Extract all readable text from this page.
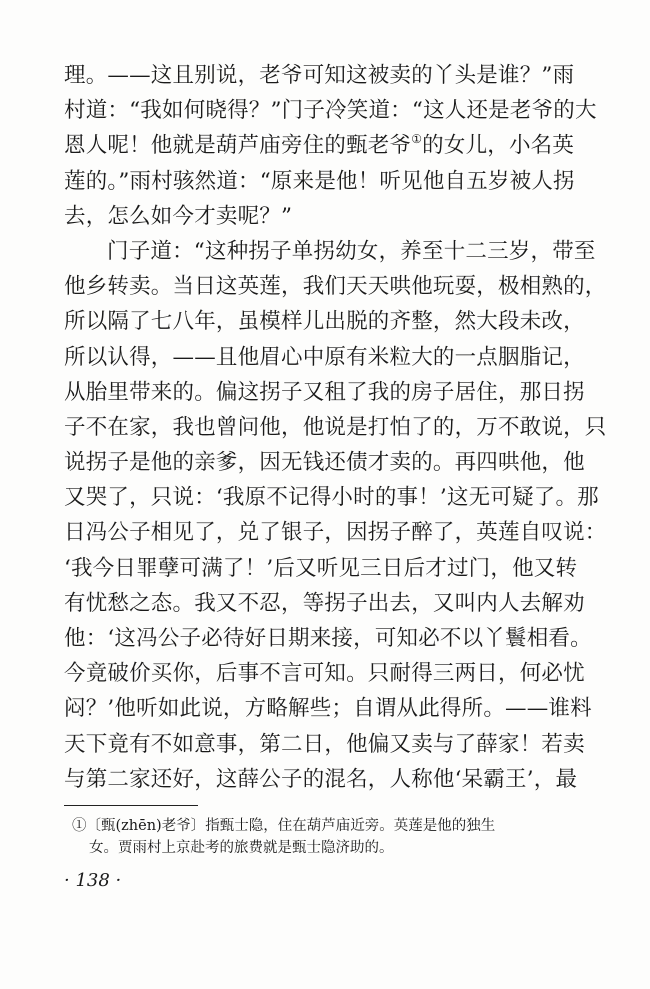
理。——这且别说，老爷可知这被卖的丫头是谁？”雨
村道：“我如何晓得？”门子冷笑道：“这人还是老爷的大
恩人呢！他就是葫芦庙旁住的甄老爷①的女儿，小名英
莲的。”雨村骇然道：“原来是他！听见他自五岁被人拐
去，怎么如今才卖呢？”
门子道：“这种拐子单拐幼女，养至十二三岁，带至
他乡转卖。当日这英莲，我们天天哄他玩耍，极相熟的，
所以隔了七八年，虽模样儿出脱的齐整，然大段未改，
所以认得，——且他眉心中原有米粒大的一点胭脂记，
从胎里带来的。偏这拐子又租了我的房子居住，那日拐
子不在家，我也曾问他，他说是打怕了的，万不敢说，只
说拐子是他的亲爹，因无钱还债才卖的。再四哄他，他
又哭了，只说：‘我原不记得小时的事！’这无可疑了。那
日冯公子相见了，兑了银子，因拐子醉了，英莲自叹说：
‘我今日罪孽可满了！’后又听见三日后才过门，他又转
有忧愁之态。我又不忍，等拐子出去，又叫内人去解劝
他：‘这冯公子必待好日期来接，可知必不以丫鬟相看。
今竟破价买你，后事不言可知。只耐得三两日，何必忧
闷？’他听如此说，方略解些；自谓从此得所。——谁料
天下竟有不如意事，第二日，他偏又卖与了薛家！若卖
与第二家还好，这薛公子的混名，人称他‘呆霸王’，最
①〔甄(zhēn)老爷〕指甄士隐，住在葫芦庙近旁。英莲是他的独生
女。贾雨村上京赴考的旅费就是甄士隐济助的。
· 138 ·
